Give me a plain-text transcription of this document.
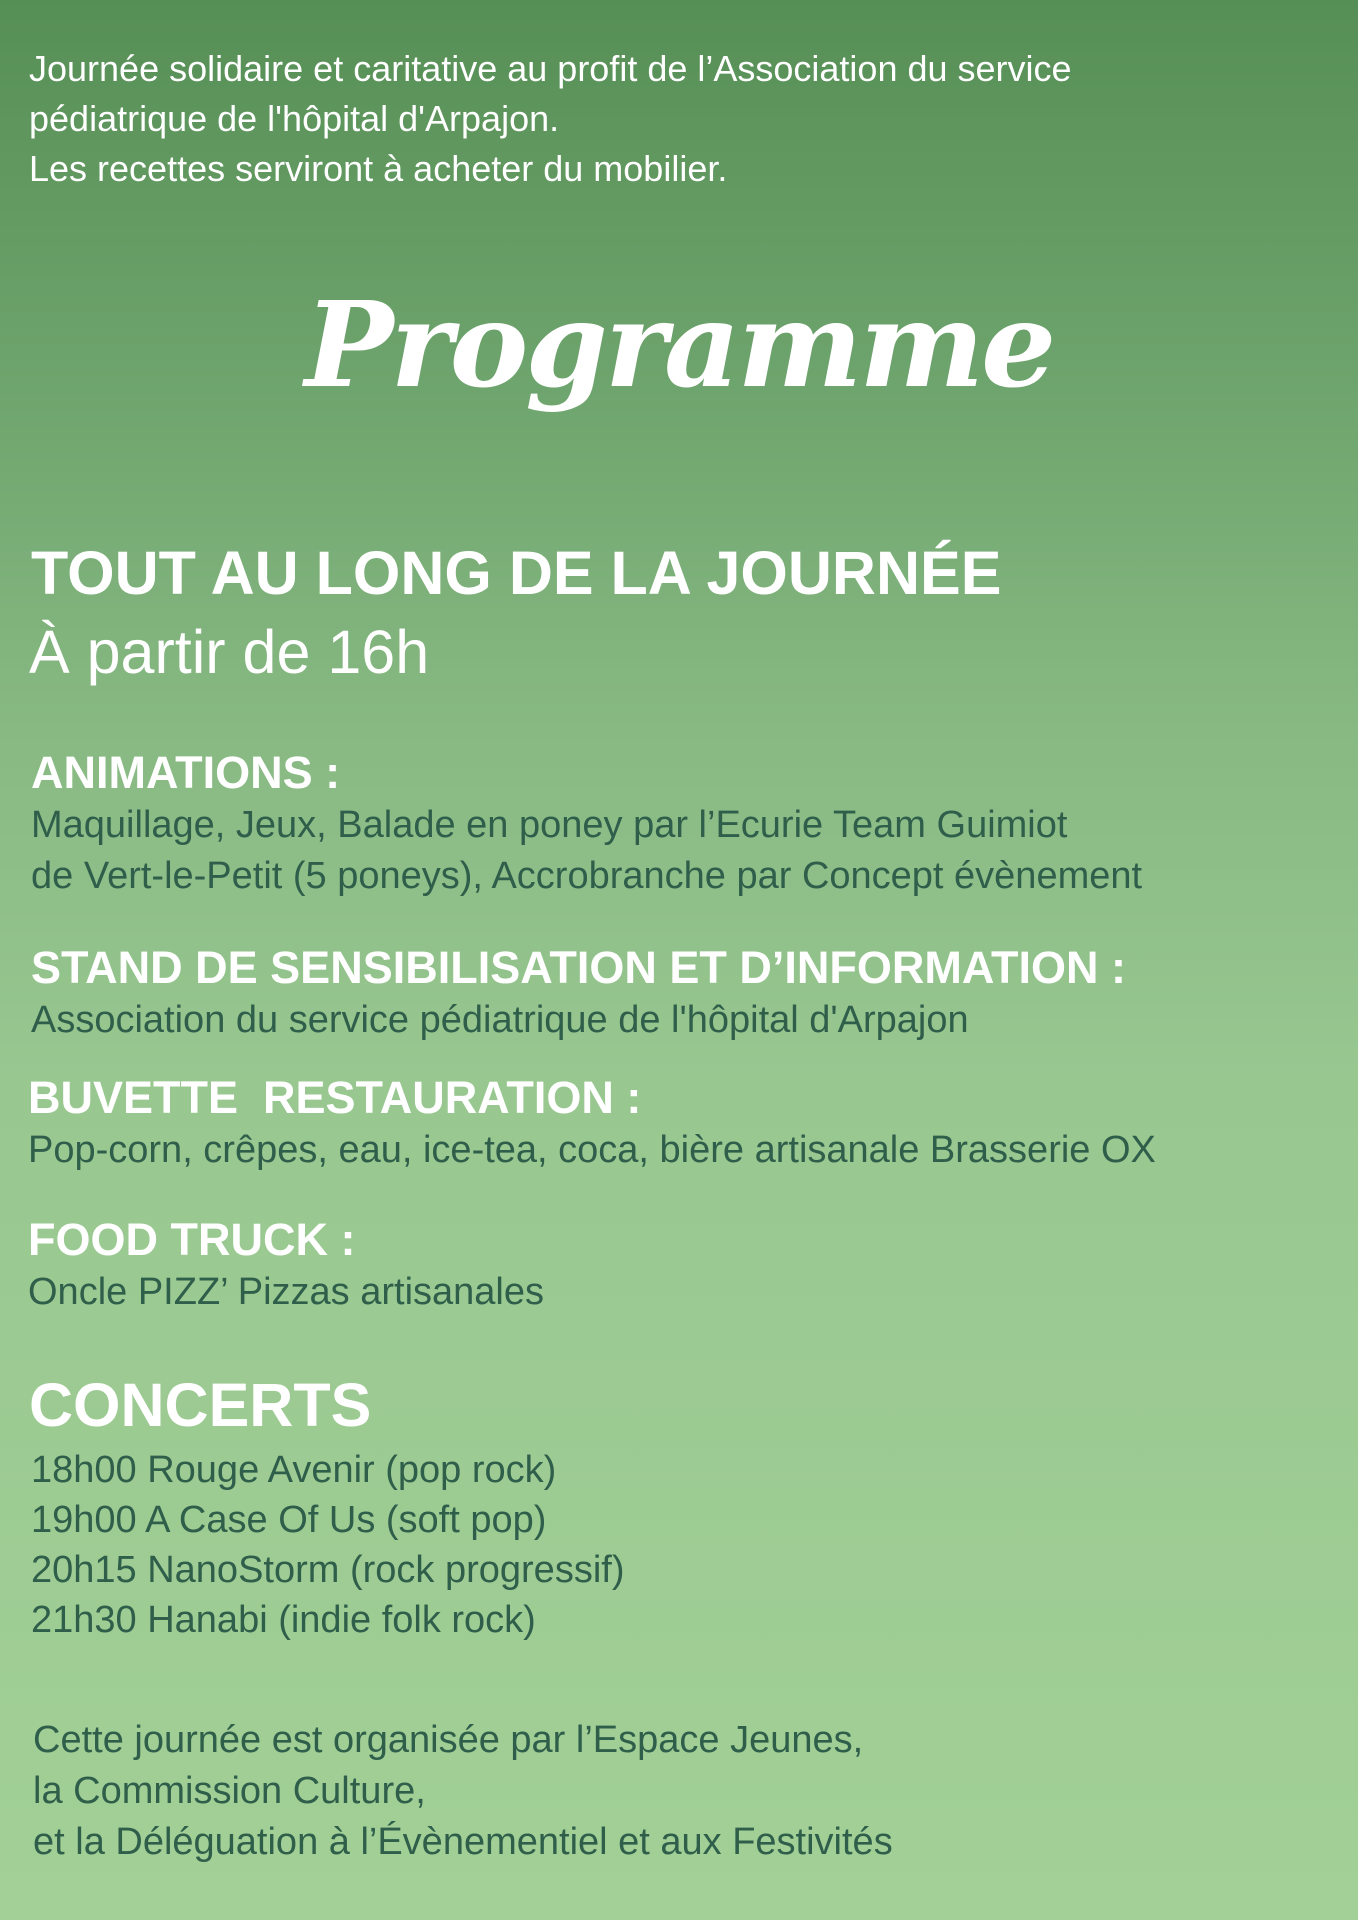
Journée solidaire et caritative au profit de l’Association du service
pédiatrique de l'hôpital d'Arpajon.
Les recettes serviront à acheter du mobilier.
Programme
TOUT AU LONG DE LA JOURNÉE
À partir de 16h
ANIMATIONS :
Maquillage, Jeux, Balade en poney par l’Ecurie Team Guimiot
de Vert-le-Petit (5 poneys), Accrobranche par Concept évènement
STAND DE SENSIBILISATION ET D’INFORMATION :
Association du service pédiatrique de l'hôpital d'Arpajon
BUVETTE  RESTAURATION :
Pop-corn, crêpes, eau, ice-tea, coca, bière artisanale Brasserie OX
FOOD TRUCK :
Oncle PIZZ’ Pizzas artisanales
CONCERTS
18h00 Rouge Avenir (pop rock)
19h00 A Case Of Us (soft pop)
20h15 NanoStorm (rock progressif)
21h30 Hanabi (indie folk rock)
Cette journée est organisée par l’Espace Jeunes,
la Commission Culture,
et la Déléguation à l’Évènementiel et aux Festivités
